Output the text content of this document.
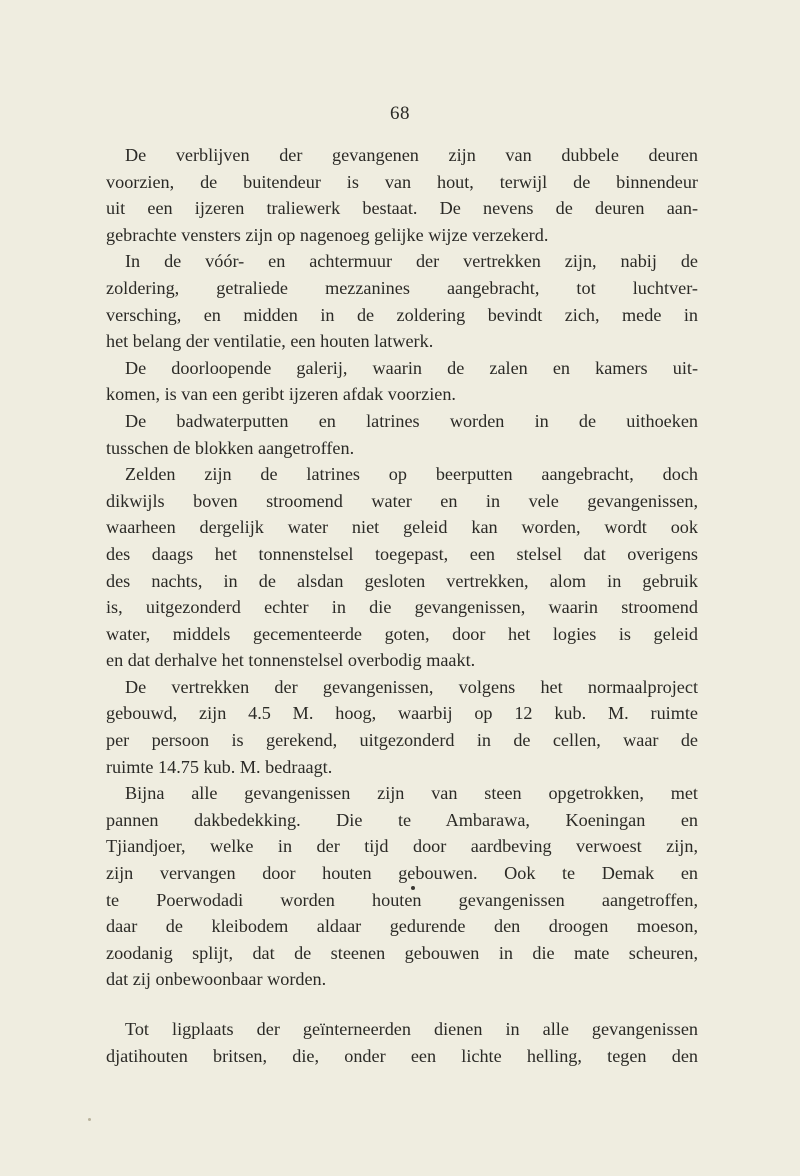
68
De verblijven der gevangenen zijn van dubbele deuren
voorzien, de buitendeur is van hout, terwijl de binnendeur
uit een ijzeren traliewerk bestaat. De nevens de deuren aan-
gebrachte vensters zijn op nagenoeg gelijke wijze verzekerd.
In de vóór- en achtermuur der vertrekken zijn, nabij de
zoldering, getraliede mezzanines aangebracht, tot luchtver-
versching, en midden in de zoldering bevindt zich, mede in
het belang der ventilatie, een houten latwerk.
De doorloopende galerij, waarin de zalen en kamers uit-
komen, is van een geribt ijzeren afdak voorzien.
De badwaterputten en latrines worden in de uithoeken
tusschen de blokken aangetroffen.
Zelden zijn de latrines op beerputten aangebracht, doch
dikwijls boven stroomend water en in vele gevangenissen,
waarheen dergelijk water niet geleid kan worden, wordt ook
des daags het tonnenstelsel toegepast, een stelsel dat overigens
des nachts, in de alsdan gesloten vertrekken, alom in gebruik
is, uitgezonderd echter in die gevangenissen, waarin stroomend
water, middels gecementeerde goten, door het logies is geleid
en dat derhalve het tonnenstelsel overbodig maakt.
De vertrekken der gevangenissen, volgens het normaalproject
gebouwd, zijn 4.5 M. hoog, waarbij op 12 kub. M. ruimte
per persoon is gerekend, uitgezonderd in de cellen, waar de
ruimte 14.75 kub. M. bedraagt.
Bijna alle gevangenissen zijn van steen opgetrokken, met
pannen dakbedekking. Die te Ambarawa, Koeningan en
Tjiandjoer, welke in der tijd door aardbeving verwoest zijn,
zijn vervangen door houten gebouwen. Ook te Demak en
te Poerwodadi worden houten gevangenissen aangetroffen,
daar de kleibodem aldaar gedurende den droogen moeson,
zoodanig splijt, dat de steenen gebouwen in die mate scheuren,
dat zij onbewoonbaar worden.
Tot ligplaats der geïnterneerden dienen in alle gevangenissen
djatihouten britsen, die, onder een lichte helling, tegen den
